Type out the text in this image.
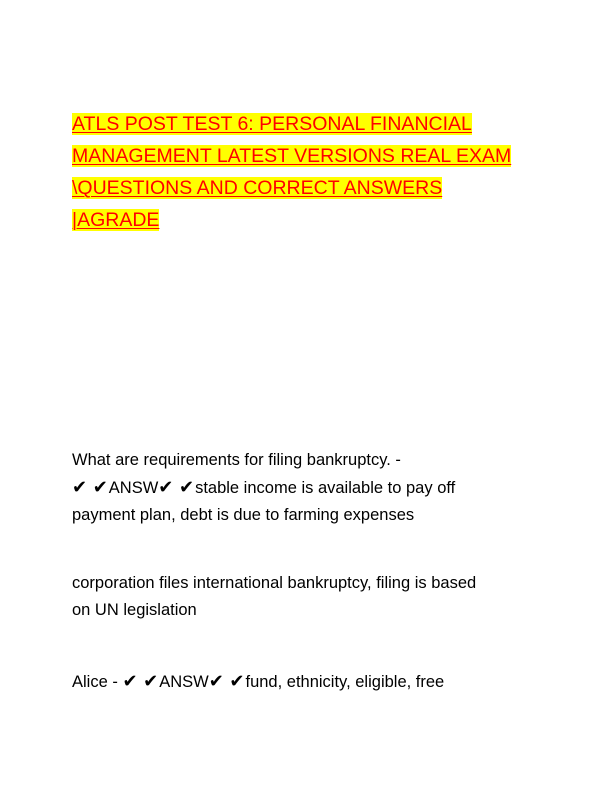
ATLS POST TEST 6: PERSONAL FINANCIAL
MANAGEMENT LATEST VERSIONS REAL EXAM
\QUESTIONS AND CORRECT ANSWERS
|AGRADE
What are requirements for filing bankruptcy. -
✔ ✔ANSW✔ ✔stable income is available to pay off
payment plan, debt is due to farming expenses
corporation files international bankruptcy, filing is based
on UN legislation
Alice - ✔ ✔ANSW✔ ✔fund, ethnicity, eligible, free
